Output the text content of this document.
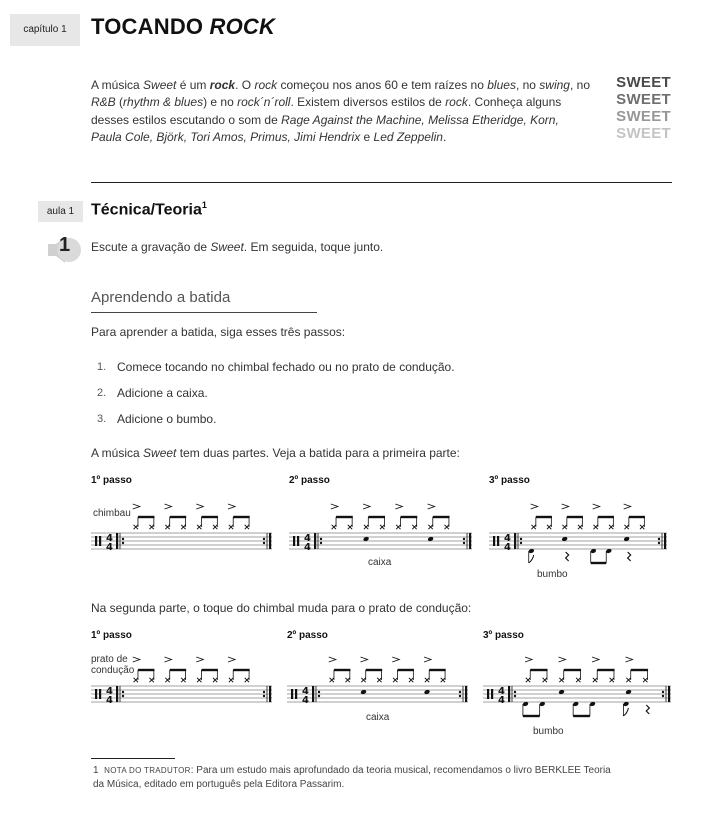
capítulo 1	TOCANDO ROCK
A música Sweet é um rock. O rock começou nos anos 60 e tem raízes no blues, no swing, no R&B (rhythm & blues) e no rock´n´roll. Existem diversos estilos de rock. Conheça alguns desses estilos escutando o som de Rage Against the Machine, Melissa Etheridge, Korn, Paula Cole, Björk, Tori Amos, Primus, Jimi Hendrix e Led Zeppelin.
SWEET
SWEET
SWEET
SWEET
aula 1	Técnica/Teoria$^1$
1 Escute a gravação de Sweet. Em seguida, toque junto.
Aprendendo a batida
Para aprender a batida, siga esses três passos:
1. Comece tocando no chimbal fechado ou no prato de condução.
2. Adicione a caixa.
3. Adicione o bumbo.
A música Sweet tem duas partes. Veja a batida para a primeira parte:
1º passo	2º passo	3º passo
chimbau
caixa
bumbo
Na segunda parte, o toque do chimbal muda para o prato de condução:
1º passo	2º passo	3º passo
prato de
condução
caixa
bumbo
4
4
4
4
4
4
4
4
4
4
4
4
1 NOTA DO TRADUTOR: Para um estudo mais aprofundado da teoria musical, recomendamos o livro BERKLEE Teoria da Música, editado em português pela Editora Passarim.
